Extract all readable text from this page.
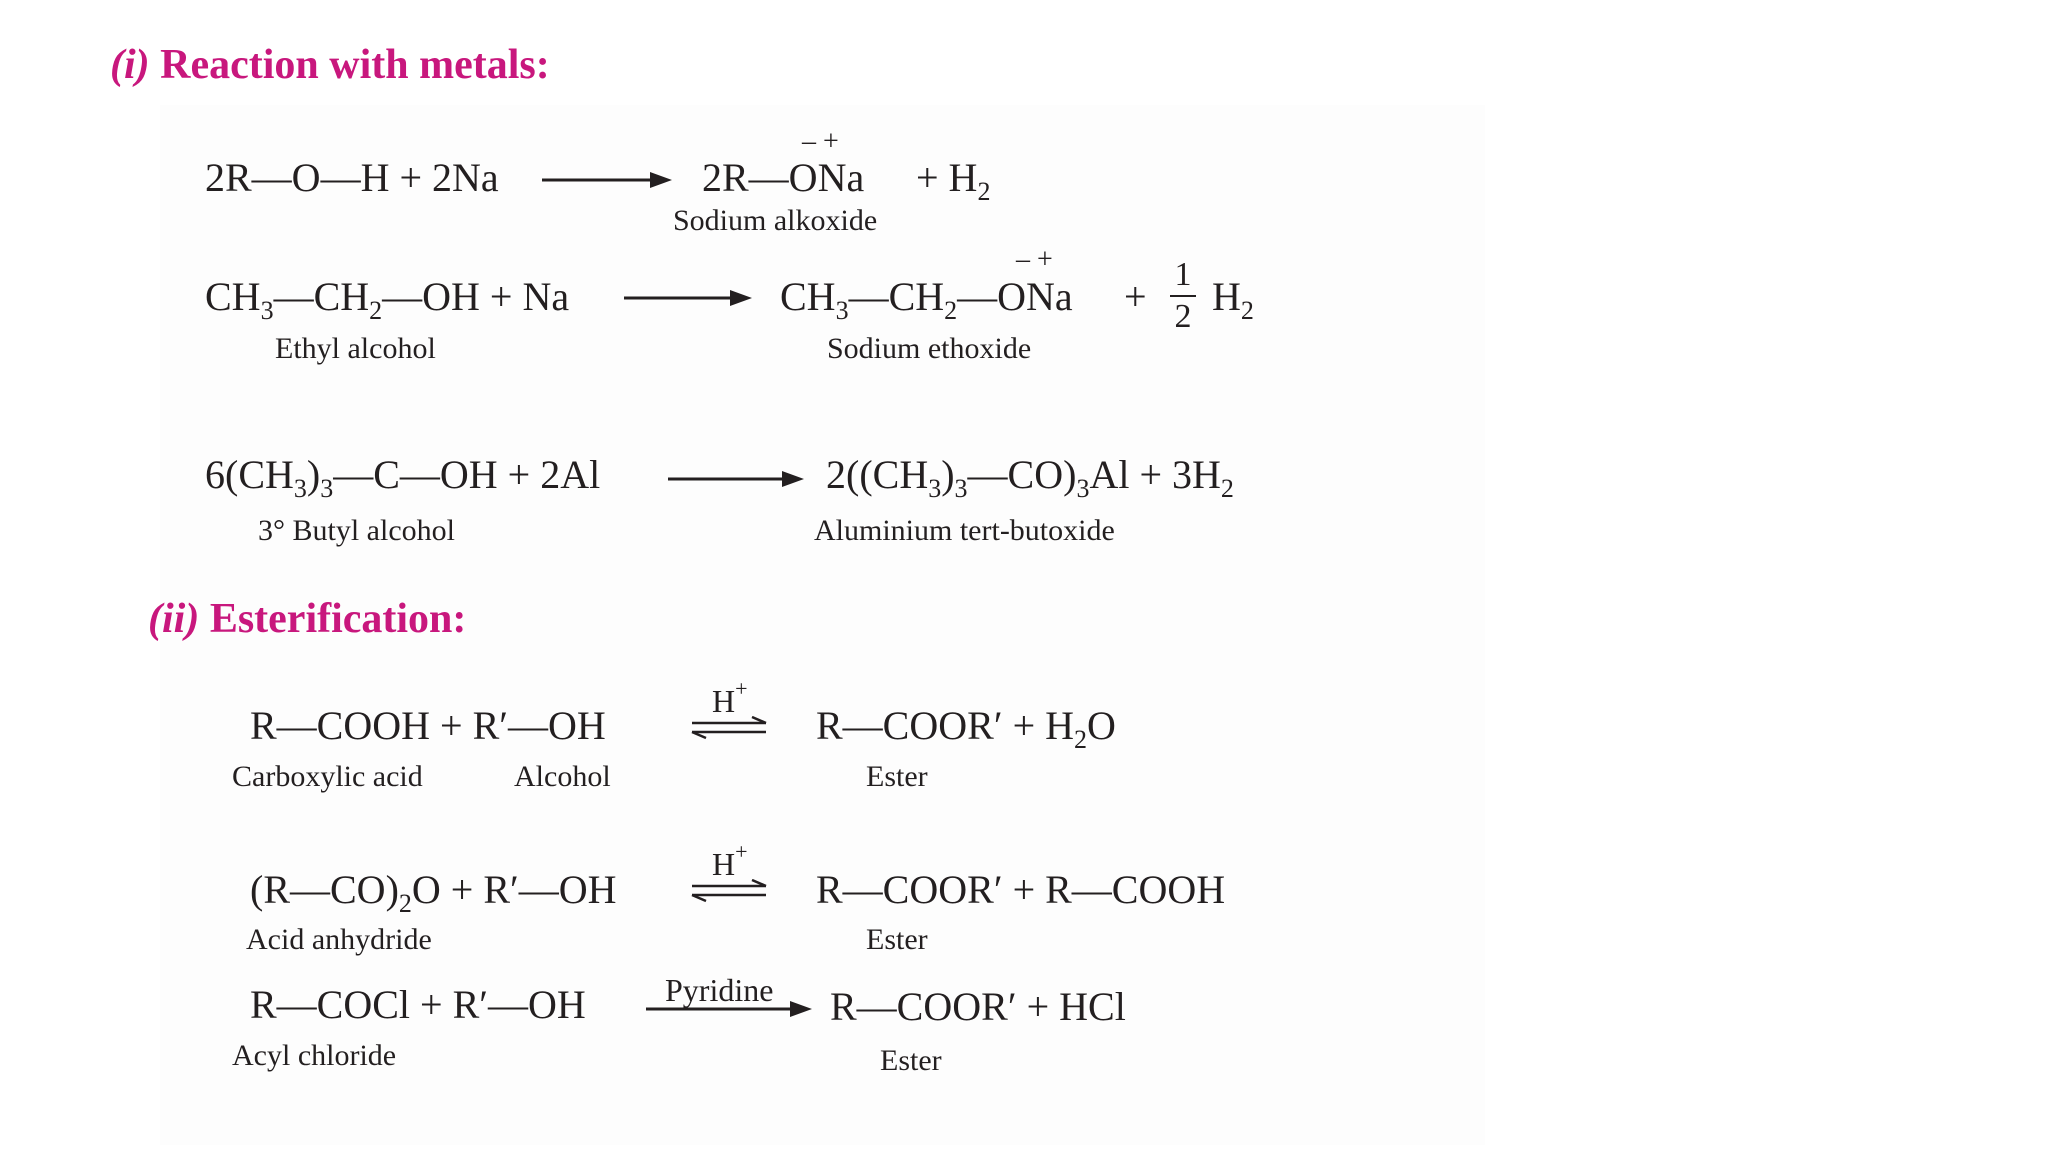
(i) Reaction with metals:
– +
2R—O—H + 2Na	2R—ONa + $H_2$
Sodium alkoxide
– +
$CH_3—CH_2—OH + Na$	$CH_3—CH_2—ONa + 1$
2 $H_2$
Ethyl alcohol	Sodium ethoxide
$6(CH_3)_3—C—OH + 2Al$	$2((CH_3)_3—CO)_3Al + 3H_2$
3° Butyl alcohol	Aluminium tert-butoxide
(ii) Esterification:
R—COOH + R′—OH
H+
R—COOR′ + $H_2O$
Carboxylic acid	Alcohol	Ester
$(R—CO)_2O$ + R′—OH
H+
R—COOR′ + R—COOH
Acid anhydride	Ester
R—COCl + R′—OH Pyridine R—COOR′ + HCl
Acyl chloride	Ester
